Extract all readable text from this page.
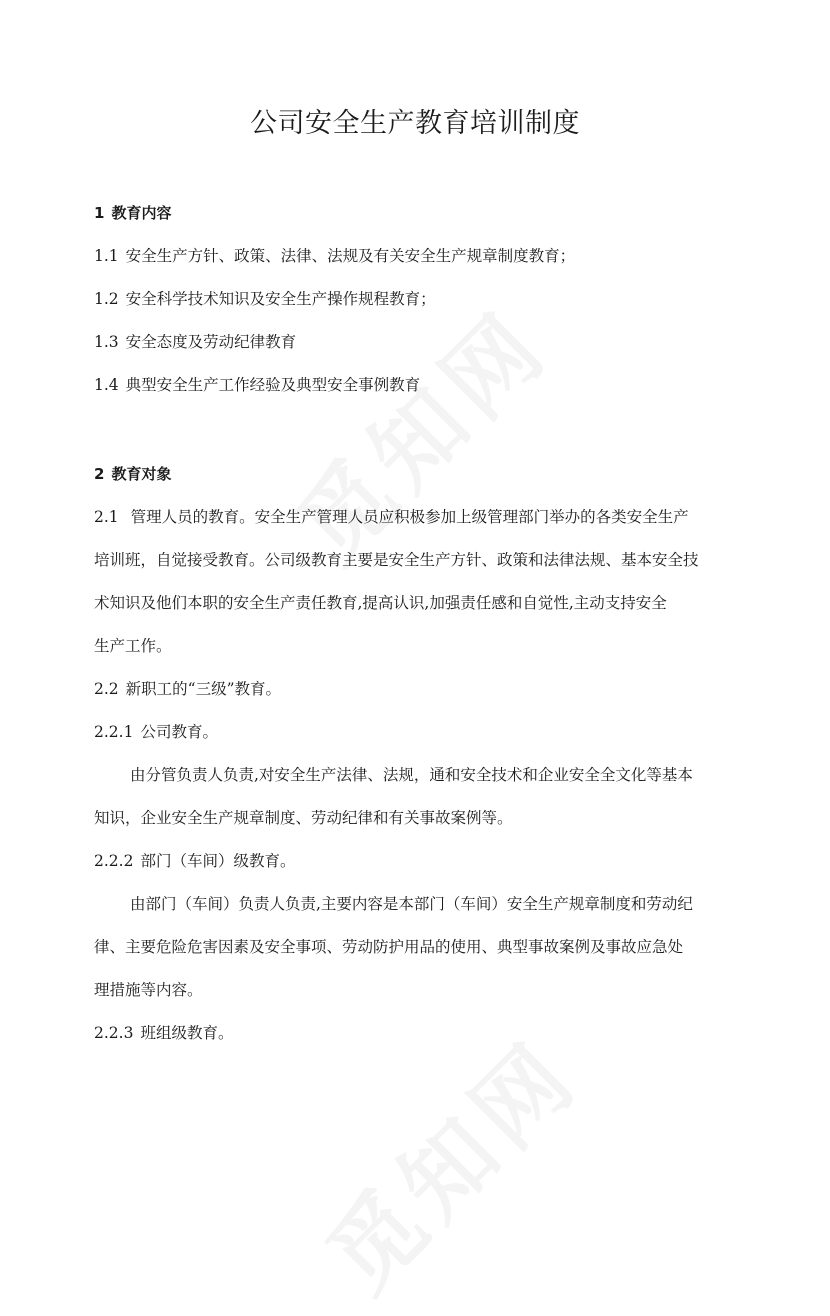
公司安全生产教育培训制度
1 教育内容
1.1 安全生产方针、政策、法律、法规及有关安全生产规章制度教育；
1.2 安全科学技术知识及安全生产操作规程教育；
1.3 安全态度及劳动纪律教育
1.4 典型安全生产工作经验及典型安全事例教育
2 教育对象
2.1 管理人员的教育。安全生产管理人员应积极参加上级管理部门举办的各类安全生产
培训班，自觉接受教育。公司级教育主要是安全生产方针、政策和法律法规、基本安全技
术知识及他们本职的安全生产责任教育,提高认识,加强责任感和自觉性,主动支持安全
生产工作。
2.2 新职工的“三级”教育。
2.2.1 公司教育。
由分管负责人负责,对安全生产法律、法规，通和安全技术和企业安全全文化等基本
知识，企业安全生产规章制度、劳动纪律和有关事故案例等。
2.2.2 部门（车间）级教育。
由部门（车间）负责人负责,主要内容是本部门（车间）安全生产规章制度和劳动纪
律、主要危险危害因素及安全事项、劳动防护用品的使用、典型事故案例及事故应急处
理措施等内容。
2.2.3 班组级教育。
